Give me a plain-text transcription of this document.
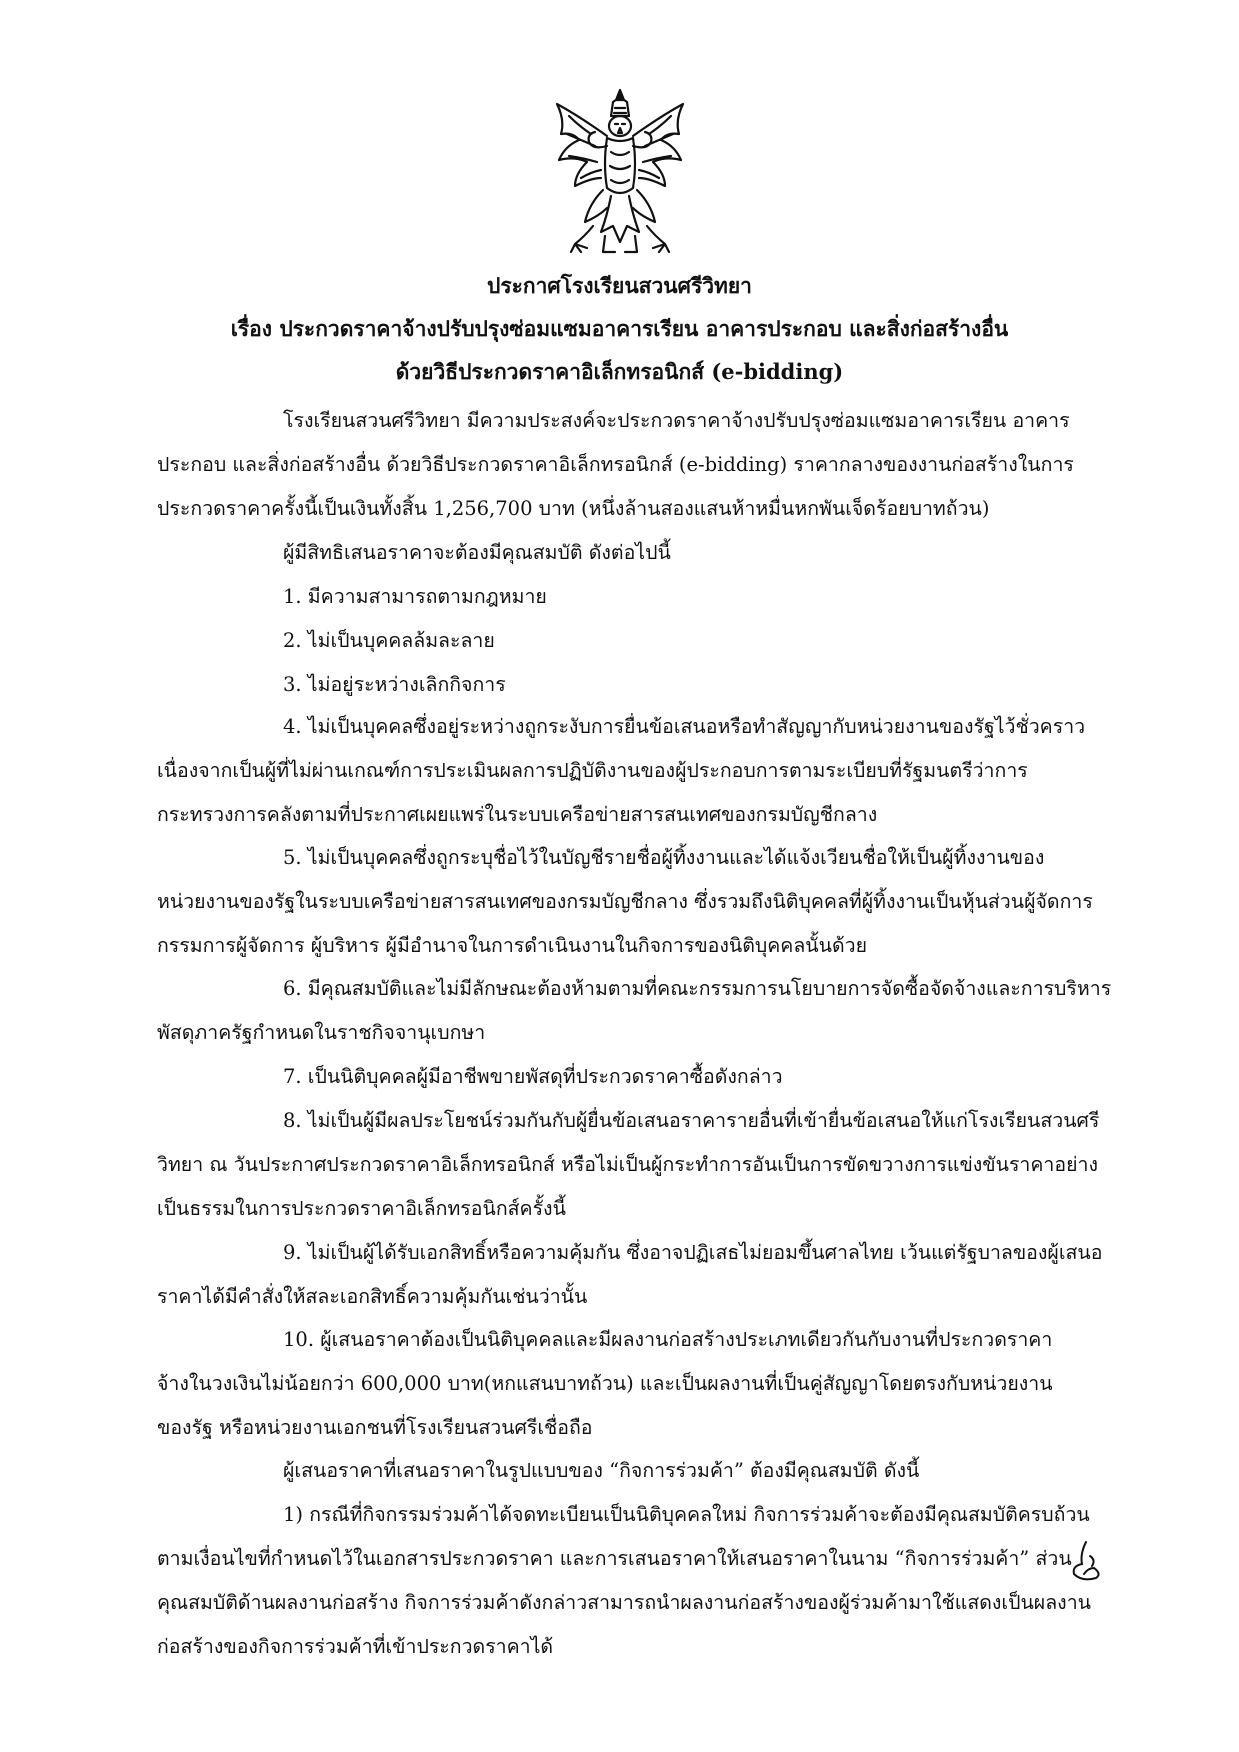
ประกาศโรงเรียนสวนศรีวิทยา
เรื่อง ประกวดราคาจ้างปรับปรุงซ่อมแซมอาคารเรียน อาคารประกอบ และสิ่งก่อสร้างอื่น
ด้วยวิธีประกวดราคาอิเล็กทรอนิกส์ (e-bidding)
โรงเรียนสวนศรีวิทยา มีความประสงค์จะประกวดราคาจ้างปรับปรุงซ่อมแซมอาคารเรียน อาคาร
ประกอบ และสิ่งก่อสร้างอื่น ด้วยวิธีประกวดราคาอิเล็กทรอนิกส์ (e-bidding) ราคากลางของงานก่อสร้างในการ
ประกวดราคาครั้งนี้เป็นเงินทั้งสิ้น 1,256,700 บาท (หนึ่งล้านสองแสนห้าหมื่นหกพันเจ็ดร้อยบาทถ้วน)
ผู้มีสิทธิเสนอราคาจะต้องมีคุณสมบัติ ดังต่อไปนี้
1. มีความสามารถตามกฎหมาย
2. ไม่เป็นบุคคลล้มละลาย
3. ไม่อยู่ระหว่างเลิกกิจการ
4. ไม่เป็นบุคคลซึ่งอยู่ระหว่างถูกระงับการยื่นข้อเสนอหรือทำสัญญากับหน่วยงานของรัฐไว้ชั่วคราว
เนื่องจากเป็นผู้ที่ไม่ผ่านเกณฑ์การประเมินผลการปฏิบัติงานของผู้ประกอบการตามระเบียบที่รัฐมนตรีว่าการ
กระทรวงการคลังตามที่ประกาศเผยแพร่ในระบบเครือข่ายสารสนเทศของกรมบัญชีกลาง
5. ไม่เป็นบุคคลซึ่งถูกระบุชื่อไว้ในบัญชีรายชื่อผู้ทิ้งงานและได้แจ้งเวียนชื่อให้เป็นผู้ทิ้งงานของ
หน่วยงานของรัฐในระบบเครือข่ายสารสนเทศของกรมบัญชีกลาง ซึ่งรวมถึงนิติบุคคลที่ผู้ทิ้งงานเป็นหุ้นส่วนผู้จัดการ
กรรมการผู้จัดการ ผู้บริหาร ผู้มีอำนาจในการดำเนินงานในกิจการของนิติบุคคลนั้นด้วย
6. มีคุณสมบัติและไม่มีลักษณะต้องห้ามตามที่คณะกรรมการนโยบายการจัดซื้อจัดจ้างและการบริหาร
พัสดุภาครัฐกำหนดในราชกิจจานุเบกษา
7. เป็นนิติบุคคลผู้มีอาชีพขายพัสดุที่ประกวดราคาซื้อดังกล่าว
8. ไม่เป็นผู้มีผลประโยชน์ร่วมกันกับผู้ยื่นข้อเสนอราคารายอื่นที่เข้ายื่นข้อเสนอให้แก่โรงเรียนสวนศรี
วิทยา ณ วันประกาศประกวดราคาอิเล็กทรอนิกส์ หรือไม่เป็นผู้กระทำการอันเป็นการขัดขวางการแข่งขันราคาอย่าง
เป็นธรรมในการประกวดราคาอิเล็กทรอนิกส์ครั้งนี้
9. ไม่เป็นผู้ได้รับเอกสิทธิ์หรือความคุ้มกัน ซึ่งอาจปฏิเสธไม่ยอมขึ้นศาลไทย เว้นแต่รัฐบาลของผู้เสนอ
ราคาได้มีคำสั่งให้สละเอกสิทธิ์ความคุ้มกันเช่นว่านั้น
10. ผู้เสนอราคาต้องเป็นนิติบุคคลและมีผลงานก่อสร้างประเภทเดียวกันกับงานที่ประกวดราคา
จ้างในวงเงินไม่น้อยกว่า 600,000 บาท(หกแสนบาทถ้วน) และเป็นผลงานที่เป็นคู่สัญญาโดยตรงกับหน่วยงาน
ของรัฐ หรือหน่วยงานเอกชนที่โรงเรียนสวนศรีเชื่อถือ
ผู้เสนอราคาที่เสนอราคาในรูปแบบของ “กิจการร่วมค้า” ต้องมีคุณสมบัติ ดังนี้
1) กรณีที่กิจกรรมร่วมค้าได้จดทะเบียนเป็นนิติบุคคลใหม่ กิจการร่วมค้าจะต้องมีคุณสมบัติครบถ้วน
ตามเงื่อนไขที่กำหนดไว้ในเอกสารประกวดราคา และการเสนอราคาให้เสนอราคาในนาม “กิจการร่วมค้า” ส่วน
คุณสมบัติด้านผลงานก่อสร้าง กิจการร่วมค้าดังกล่าวสามารถนำผลงานก่อสร้างของผู้ร่วมค้ามาใช้แสดงเป็นผลงาน
ก่อสร้างของกิจการร่วมค้าที่เข้าประกวดราคาได้
